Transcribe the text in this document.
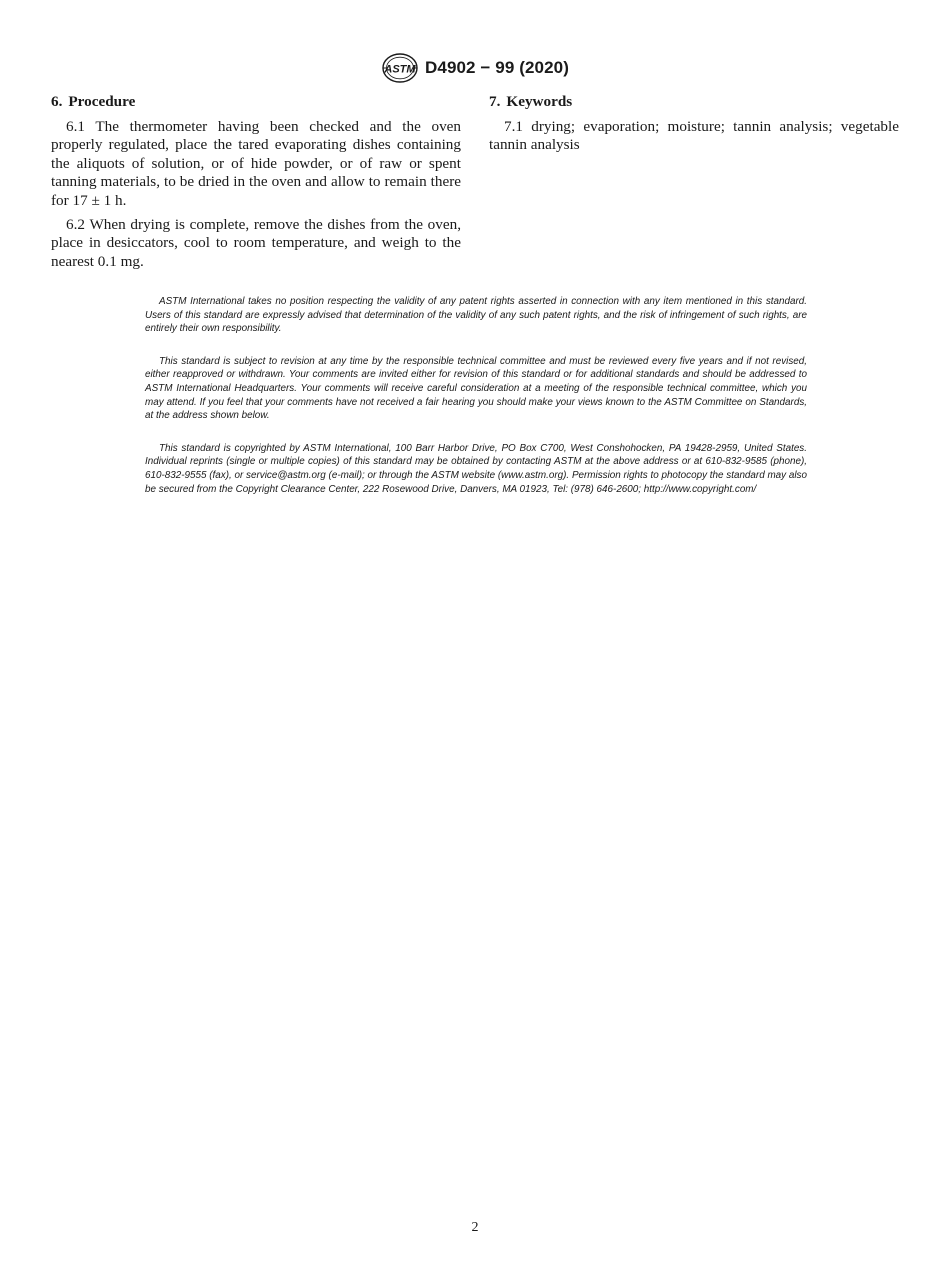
ASTM D4902 − 99 (2020)
6. Procedure

6.1 The thermometer having been checked and the oven properly regulated, place the tared evaporating dishes containing the aliquots of solution, or of hide powder, or of raw or spent tanning materials, to be dried in the oven and allow to remain there for 17 ± 1 h.

6.2 When drying is complete, remove the dishes from the oven, place in desiccators, cool to room temperature, and weigh to the nearest 0.1 mg.

7. Keywords

7.1 drying; evaporation; moisture; tannin analysis; vegetable tannin analysis

ASTM International takes no position respecting the validity of any patent rights asserted in connection with any item mentioned in this standard. Users of this standard are expressly advised that determination of the validity of any such patent rights, and the risk of infringement of such rights, are entirely their own responsibility.

This standard is subject to revision at any time by the responsible technical committee and must be reviewed every five years and if not revised, either reapproved or withdrawn. Your comments are invited either for revision of this standard or for additional standards and should be addressed to ASTM International Headquarters. Your comments will receive careful consideration at a meeting of the responsible technical committee, which you may attend. If you feel that your comments have not received a fair hearing you should make your views known to the ASTM Committee on Standards, at the address shown below.

This standard is copyrighted by ASTM International, 100 Barr Harbor Drive, PO Box C700, West Conshohocken, PA 19428-2959, United States. Individual reprints (single or multiple copies) of this standard may be obtained by contacting ASTM at the above address or at 610-832-9585 (phone), 610-832-9555 (fax), or service@astm.org (e-mail); or through the ASTM website (www.astm.org). Permission rights to photocopy the standard may also be secured from the Copyright Clearance Center, 222 Rosewood Drive, Danvers, MA 01923, Tel: (978) 646-2600; http://www.copyright.com/

2
